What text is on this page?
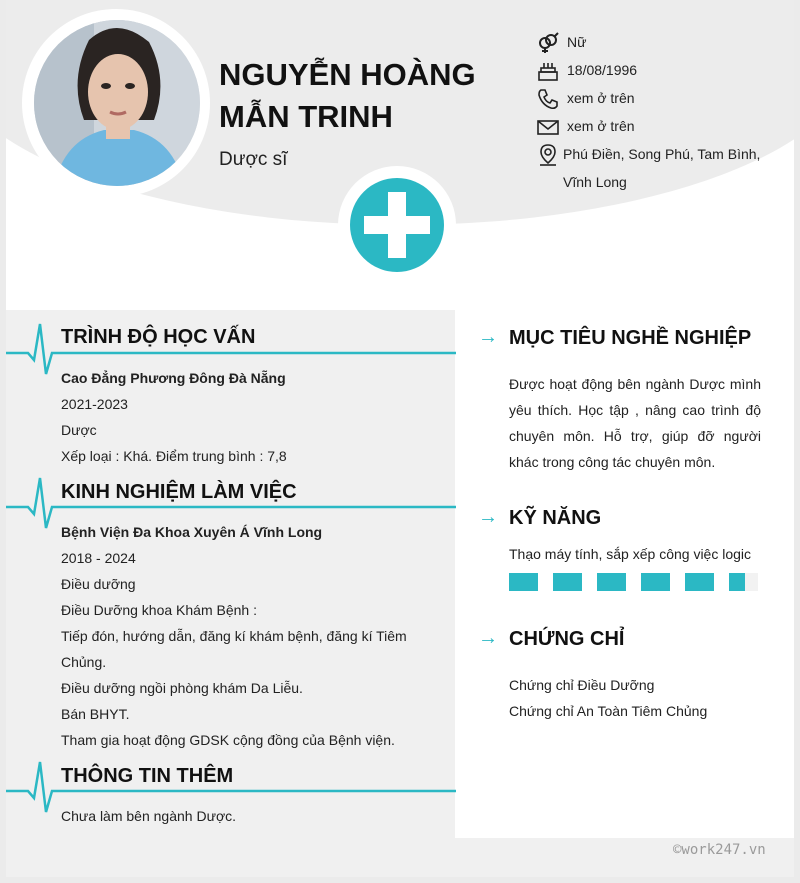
NGUYỄN HOÀNG
MẪN TRINH
Dược sĩ
Nữ
18/08/1996
xem ở trên
xem ở trên
Phú Điền, Song Phú, Tam Bình,
Vĩnh Long
TRÌNH ĐỘ HỌC VẤN
Cao Đẳng Phương Đông Đà Nẵng
2021-2023
Dược
Xếp loại : Khá. Điểm trung bình : 7,8
KINH NGHIỆM LÀM VIỆC
Bệnh Viện Đa Khoa Xuyên Á Vĩnh Long
2018 - 2024
Điều dưỡng
Điều Dưỡng khoa Khám Bệnh :
Tiếp đón, hướng dẫn, đăng kí khám bệnh, đăng kí Tiêm
Chủng.
Điều dưỡng ngồi phòng khám Da Liễu.
Bán BHYT.
Tham gia hoạt động GDSK cộng đồng của Bệnh viện.
THÔNG TIN THÊM
Chưa làm bên ngành Dược.
→ MỤC TIÊU NGHỀ NGHIỆP
Được hoạt động bên ngành Dược mình yêu thích. Học tập , nâng cao trình độ chuyên môn. Hỗ trợ, giúp đỡ người khác trong công tác chuyên môn.
→ KỸ NĂNG
Thạo máy tính, sắp xếp công việc logic
→ CHỨNG CHỈ
Chứng chỉ Điều Dưỡng
Chứng chỉ An Toàn Tiêm Chủng
©work247.vn
